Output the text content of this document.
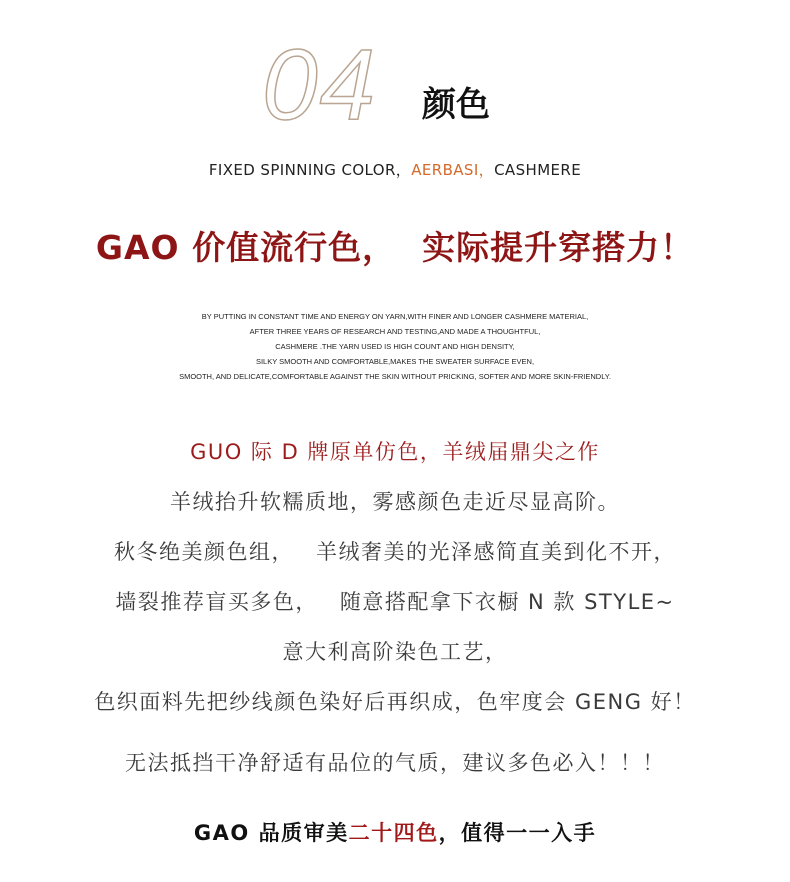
04 颜色
FIXED SPINNING COLOR，AERBASI，CASHMERE
GAO 价值流行色， 实际提升穿搭力！
BY PUTTING IN CONSTANT TIME AND ENERGY ON YARN,WITH FINER AND LONGER CASHMERE MATERIAL,
AFTER THREE YEARS OF RESEARCH AND TESTING,AND MADE A THOUGHTFUL,
CASHMERE .THE YARN USED IS HIGH COUNT AND HIGH DENSITY,
SILKY SMOOTH AND COMFORTABLE,MAKES THE SWEATER SURFACE EVEN,
SMOOTH, AND DELICATE,COMFORTABLE AGAINST THE SKIN WITHOUT PRICKING, SOFTER AND MORE SKIN-FRIENDLY.
GUO 际 D 牌原单仿色，羊绒届鼎尖之作
羊绒抬升软糯质地，雾感颜色走近尽显高阶。
秋冬绝美颜色组， 羊绒奢美的光泽感简直美到化不开，
墙裂推荐盲买多色， 随意搭配拿下衣橱 N 款 STYLE~
意大利高阶染色工艺，
色织面料先把纱线颜色染好后再织成，色牢度会 GENG 好！
无法抵挡干净舒适有品位的气质，建议多色必入！！！
GAO 品质审美二十四色，值得一一入手
